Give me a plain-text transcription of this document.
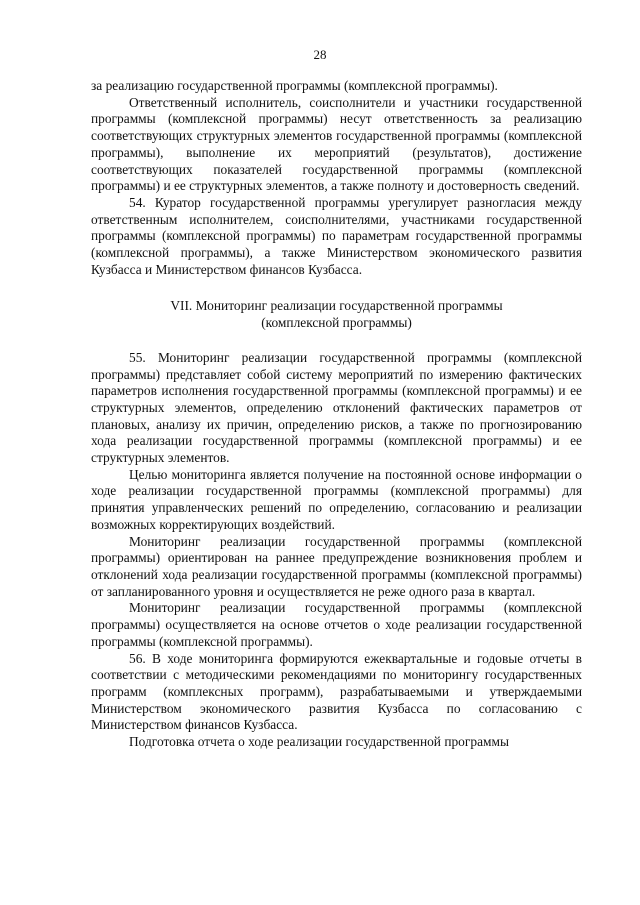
28

за реализацию государственной программы (комплексной программы).

Ответственный исполнитель, соисполнители и участники государственной программы (комплексной программы) несут ответственность за реализацию соответствующих структурных элементов государственной программы (комплексной программы), выполнение их мероприятий (результатов), достижение соответствующих показателей государственной программы (комплексной программы) и ее структурных элементов, а также полноту и достоверность сведений.

54. Куратор государственной программы урегулирует разногласия между ответственным исполнителем, соисполнителями, участниками государственной программы (комплексной программы) по параметрам государственной программы (комплексной программы), а также Министерством экономического развития Кузбасса и Министерством финансов Кузбасса.

VII. Мониторинг реализации государственной программы
(комплексной программы)

55. Мониторинг реализации государственной программы (комплексной программы) представляет собой систему мероприятий по измерению фактических параметров исполнения государственной программы (комплексной программы) и ее структурных элементов, определению отклонений фактических параметров от плановых, анализу их причин, определению рисков, а также по прогнозированию хода реализации государственной программы (комплексной программы) и ее структурных элементов.

Целью мониторинга является получение на постоянной основе информации о ходе реализации государственной программы (комплексной программы) для принятия управленческих решений по определению, согласованию и реализации возможных корректирующих воздействий.

Мониторинг реализации государственной программы (комплексной программы) ориентирован на раннее предупреждение возникновения проблем и отклонений хода реализации государственной программы (комплексной программы) от запланированного уровня и осуществляется не реже одного раза в квартал.

Мониторинг реализации государственной программы (комплексной программы) осуществляется на основе отчетов о ходе реализации государственной программы (комплексной программы).

56. В ходе мониторинга формируются ежеквартальные и годовые отчеты в соответствии с методическими рекомендациями по мониторингу государственных программ (комплексных программ), разрабатываемыми и утверждаемыми Министерством экономического развития Кузбасса по согласованию с Министерством финансов Кузбасса.

Подготовка отчета о ходе реализации государственной программы
